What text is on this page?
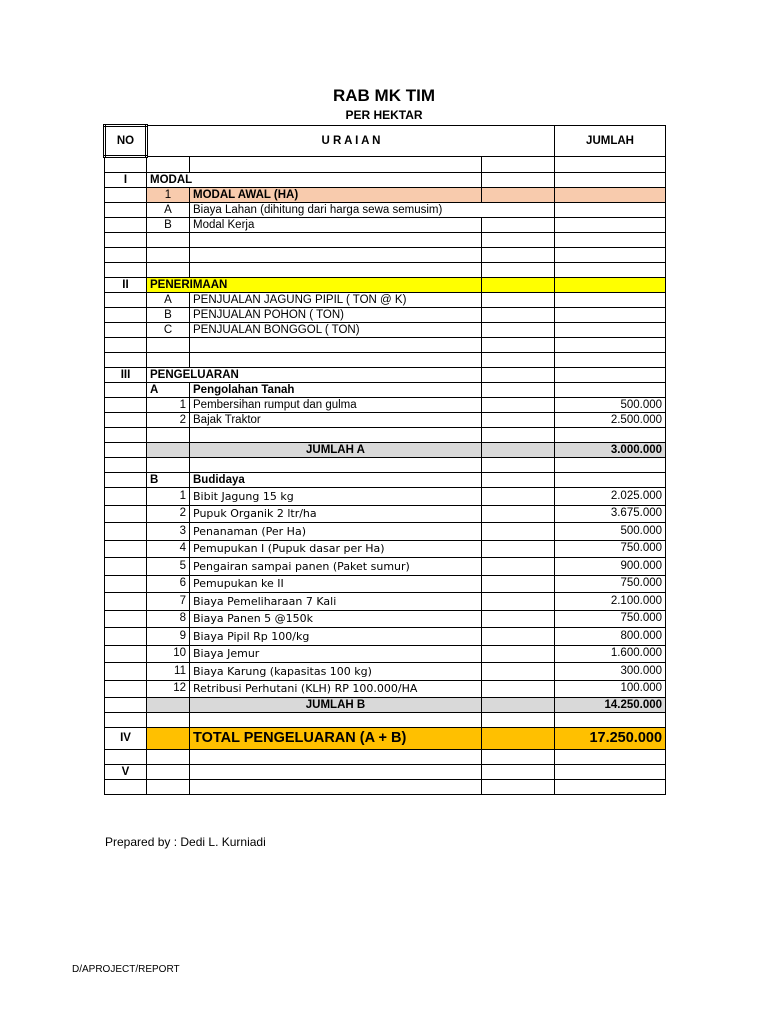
RAB MK TIM
PER HEKTAR
NO	U R A I A N			JUMLAH

I	MODAL			
	1	MODAL AWAL (HA)		
	A	Biaya Lahan (dihitung dari harga sewa semusim)		
	B	Modal Kerja		

II	PENERIMAAN			
	A	PENJUALAN JAGUNG PIPIL ( TON @ K)		
	B	PENJUALAN POHON ( TON)		
	C	PENJUALAN BONGGOL ( TON)		

III	PENGELUARAN			
	A	Pengolahan Tanah		
	1	Pembersihan rumput dan gulma		500.000
	2	Bajak Traktor		2.500.000

		JUMLAH A		3.000.000

	B	Budidaya		
	1	Bibit Jagung 15 kg		2.025.000
	2	Pupuk Organik 2 ltr/ha		3.675.000
	3	Penanaman (Per Ha)		500.000
	4	Pemupukan I (Pupuk dasar per Ha)		750.000
	5	Pengairan sampai panen (Paket sumur)		900.000
	6	Pemupukan ke II		750.000
	7	Biaya Pemeliharaan 7 Kali		2.100.000
	8	Biaya Panen 5 @150k		750.000
	9	Biaya Pipil Rp 100/kg		800.000
	10	Biaya Jemur		1.600.000
	11	Biaya Karung (kapasitas 100 kg)		300.000
	12	Retribusi Perhutani (KLH) RP 100.000/HA		100.000
		JUMLAH B		14.250.000

IV		TOTAL PENGELUARAN (A + B)		17.250.000

V				

Prepared by : Dedi L. Kurniadi
D/APROJECT/REPORT
